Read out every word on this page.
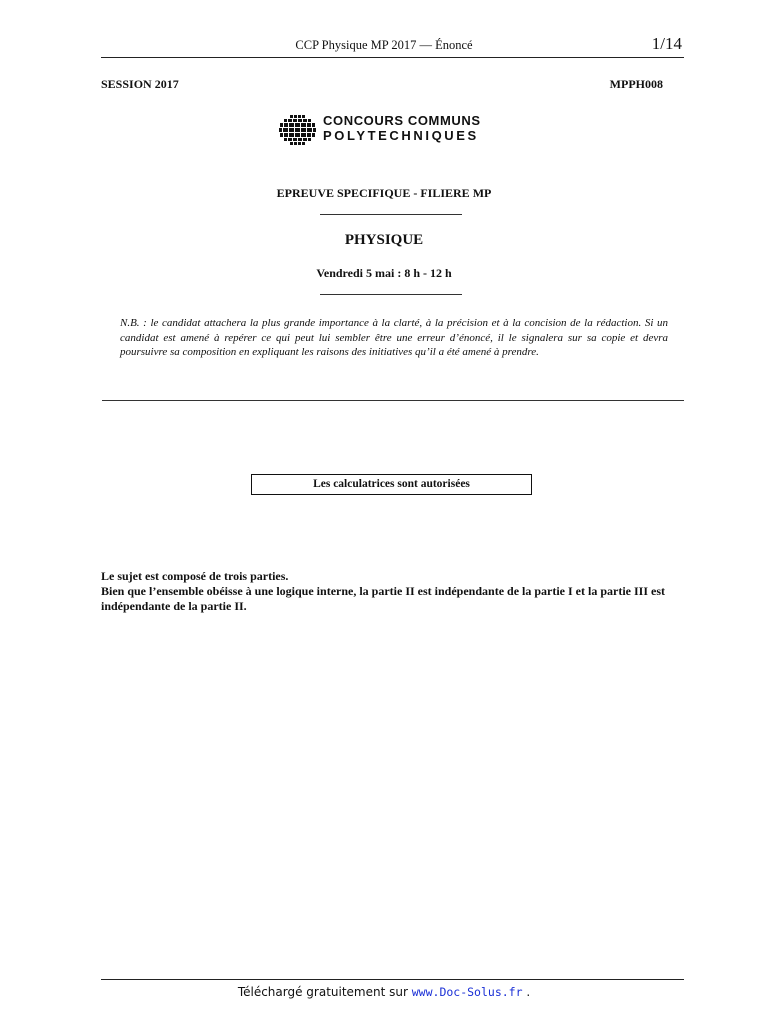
CCP Physique MP 2017 — Énoncé	1/14
SESSION 2017	MPPH008
CONCOURS COMMUNS
POLYTECHNIQUES
EPREUVE SPECIFIQUE - FILIERE MP
PHYSIQUE
Vendredi 5 mai : 8 h - 12 h
N.B. : le candidat attachera la plus grande importance à la clarté, à la précision et à la concision de la rédaction. Si un candidat est amené à repérer ce qui peut lui sembler être une erreur d’énoncé, il le signalera sur sa copie et devra poursuivre sa composition en expliquant les raisons des initiatives qu’il a été amené à prendre.
Les calculatrices sont autorisées

Le sujet est composé de trois parties.

Bien que l’ensemble obéisse à une logique interne, la partie II est indépendante de la partie I et la partie III est indépendante de la partie II.

Téléchargé gratuitement sur www.Doc-Solus.fr .
